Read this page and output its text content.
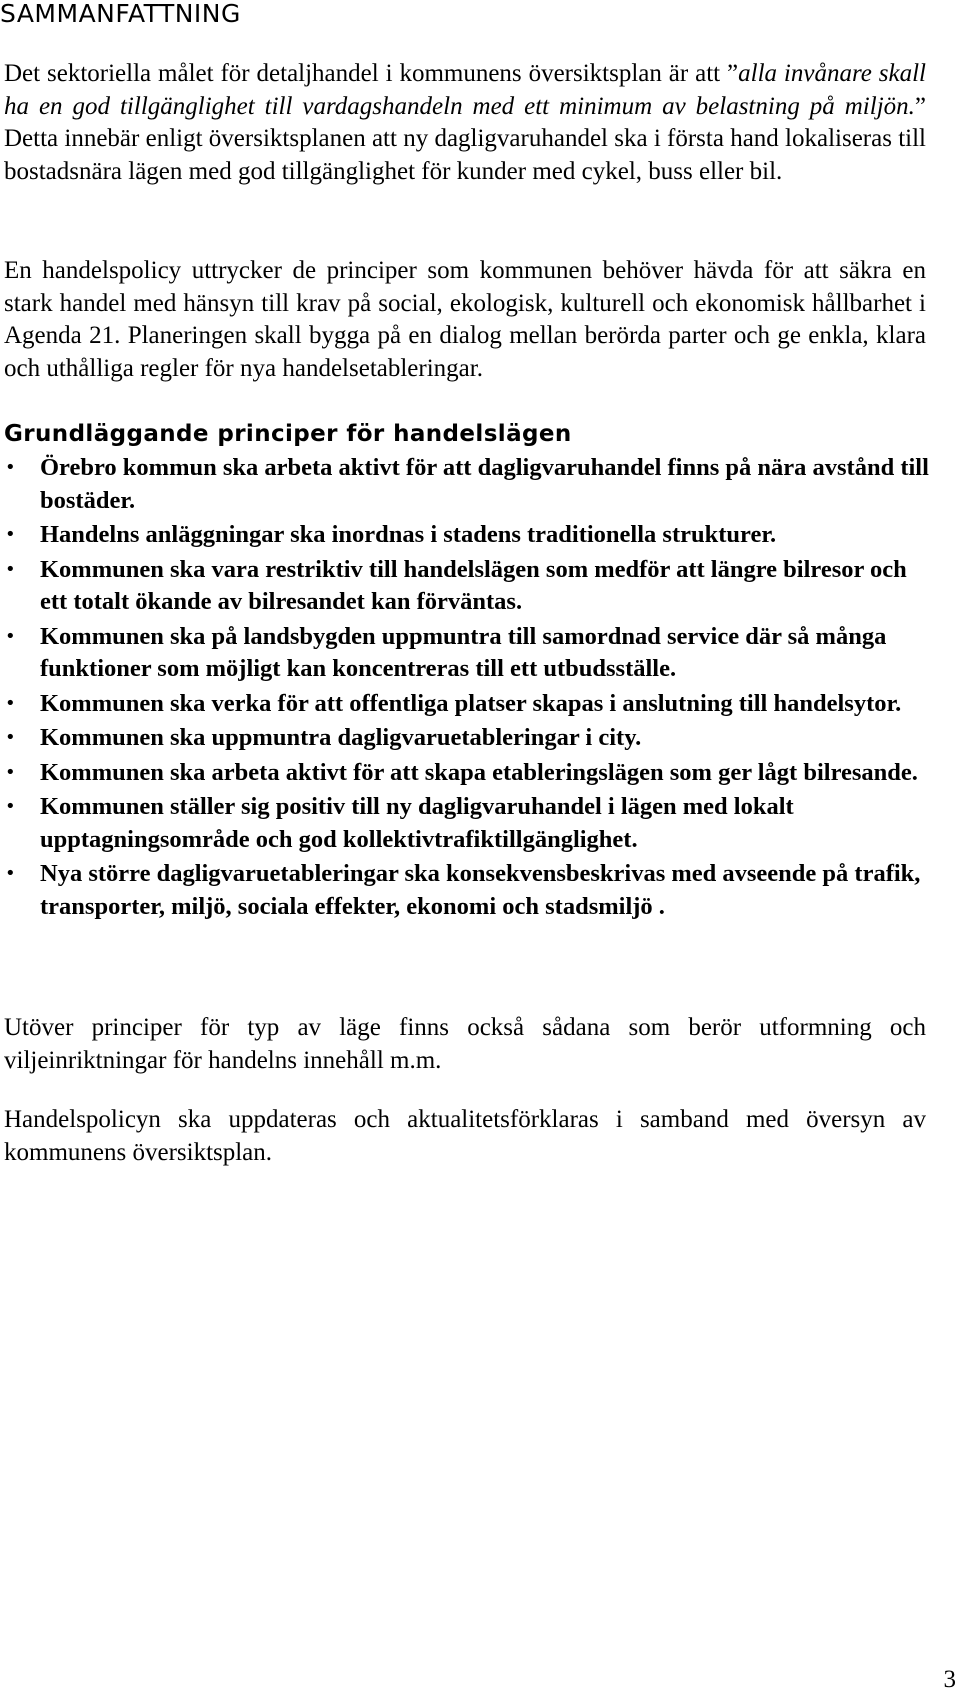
SAMMANFATTNING

Det sektoriella målet för detaljhandel i kommunens översiktsplan är att ”alla invånare skall ha en god tillgänglighet till vardagshandeln med ett minimum av belastning på miljön.” Detta innebär enligt översiktsplanen att ny dagligvaruhandel ska i första hand lokaliseras till bostadsnära lägen med god tillgänglighet för kunder med cykel, buss eller bil.

En handelspolicy uttrycker de principer som kommunen behöver hävda för att säkra en stark handel med hänsyn till krav på social, ekologisk, kulturell och ekonomisk hållbarhet i Agenda 21. Planeringen skall bygga på en dialog mellan berörda parter och ge enkla, klara och uthålliga regler för nya handelsetableringar.

Grundläggande principer för handelslägen
• Örebro kommun ska arbeta aktivt för att dagligvaruhandel finns på nära avstånd till bostäder.
• Handelns anläggningar ska inordnas i stadens traditionella strukturer.
• Kommunen ska vara restriktiv till handelslägen som medför att längre bilresor och ett totalt ökande av bilresandet kan förväntas.
• Kommunen ska på landsbygden uppmuntra till samordnad service där så många funktioner som möjligt kan koncentreras till ett utbudsställe.
• Kommunen ska verka för att offentliga platser skapas i anslutning till handelsytor.
• Kommunen ska uppmuntra dagligvaruetableringar i city.
• Kommunen ska arbeta aktivt för att skapa etableringslägen som ger lågt bilresande.
• Kommunen ställer sig positiv till ny dagligvaruhandel i lägen med lokalt upptagningsområde och god kollektivtrafiktillgänglighet.
• Nya större dagligvaruetableringar ska konsekvensbeskrivas med avseende på trafik, transporter, miljö, sociala effekter, ekonomi och stadsmiljö .

Utöver principer för typ av läge finns också sådana som berör utformning och viljeinriktningar för handelns innehåll m.m.

Handelspolicyn ska uppdateras och aktualitetsförklaras i samband med översyn av kommunens översiktsplan.

3
